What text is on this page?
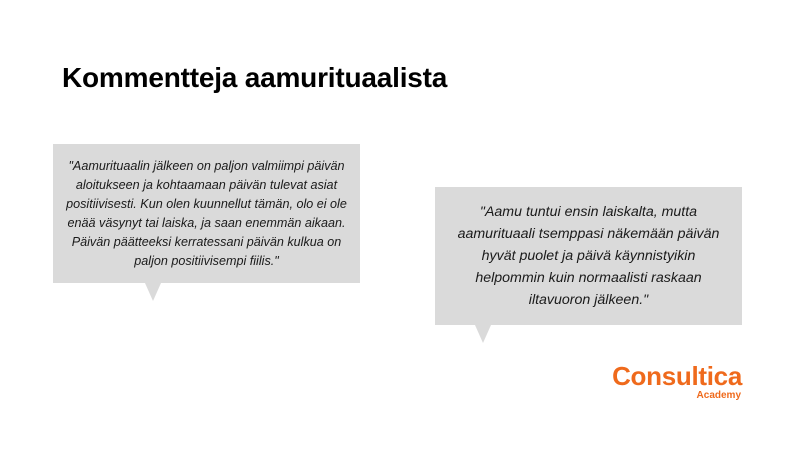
Kommentteja aamurituaalista

"Aamurituaalin jälkeen on paljon valmiimpi päivän aloitukseen ja kohtaamaan päivän tulevat asiat positiivisesti. Kun olen kuunnellut tämän, olo ei ole enää väsynyt tai laiska, ja saan enemmän aikaan. Päivän päätteeksi kerratessani päivän kulkua on paljon positiivisempi fiilis."

"Aamu tuntui ensin laiskalta, mutta aamurituaali tsemppasi näkemään päivän hyvät puolet ja päivä käynnistyikin helpommin kuin normaalisti raskaan iltavuoron jälkeen."

Consultica
Academy
